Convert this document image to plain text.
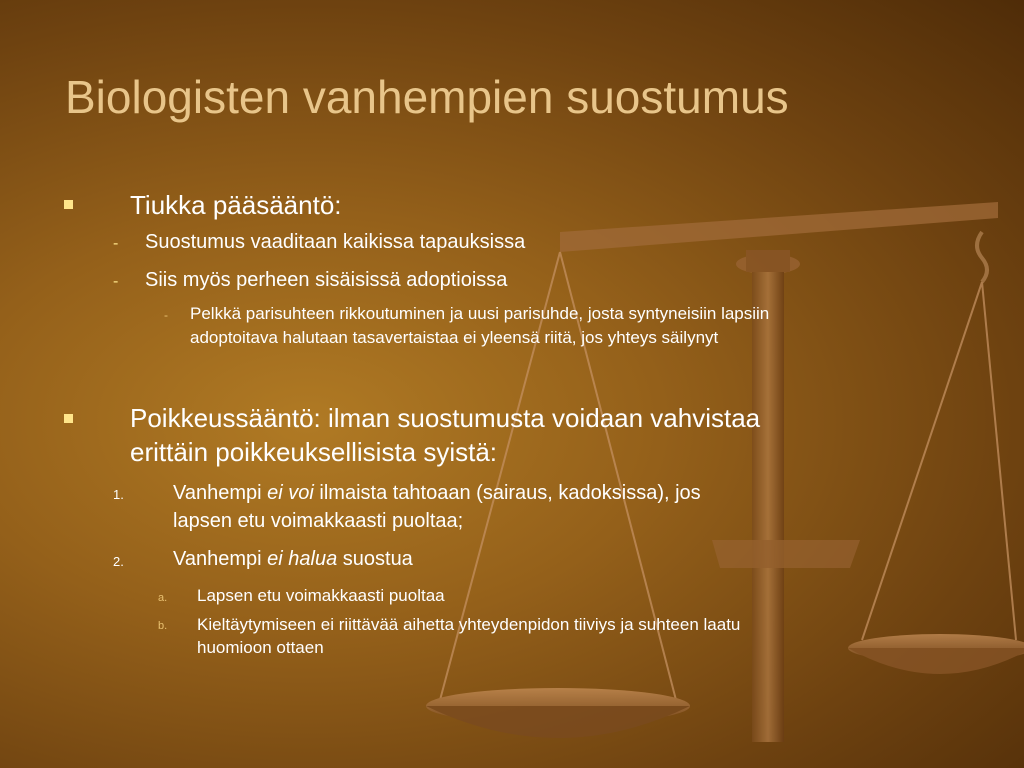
Biologisten vanhempien suostumus
Tiukka pääsääntö:
- Suostumus vaaditaan kaikissa tapauksissa
- Siis myös perheen sisäisissä adoptioissa
- Pelkkä parisuhteen rikkoutuminen ja uusi parisuhde, josta syntyneisiin lapsiin
adoptoitava halutaan tasavertaistaa ei yleensä riitä, jos yhteys säilynyt
Poikkeussääntö: ilman suostumusta voidaan vahvistaa
erittäin poikkeuksellisista syistä:
1. Vanhempi ei voi ilmaista tahtoaan (sairaus, kadoksissa), jos
lapsen etu voimakkaasti puoltaa;
2. Vanhempi ei halua suostua
a. Lapsen etu voimakkaasti puoltaa
b. Kieltäytymiseen ei riittävää aihetta yhteydenpidon tiiviys ja suhteen laatu
huomioon ottaen
